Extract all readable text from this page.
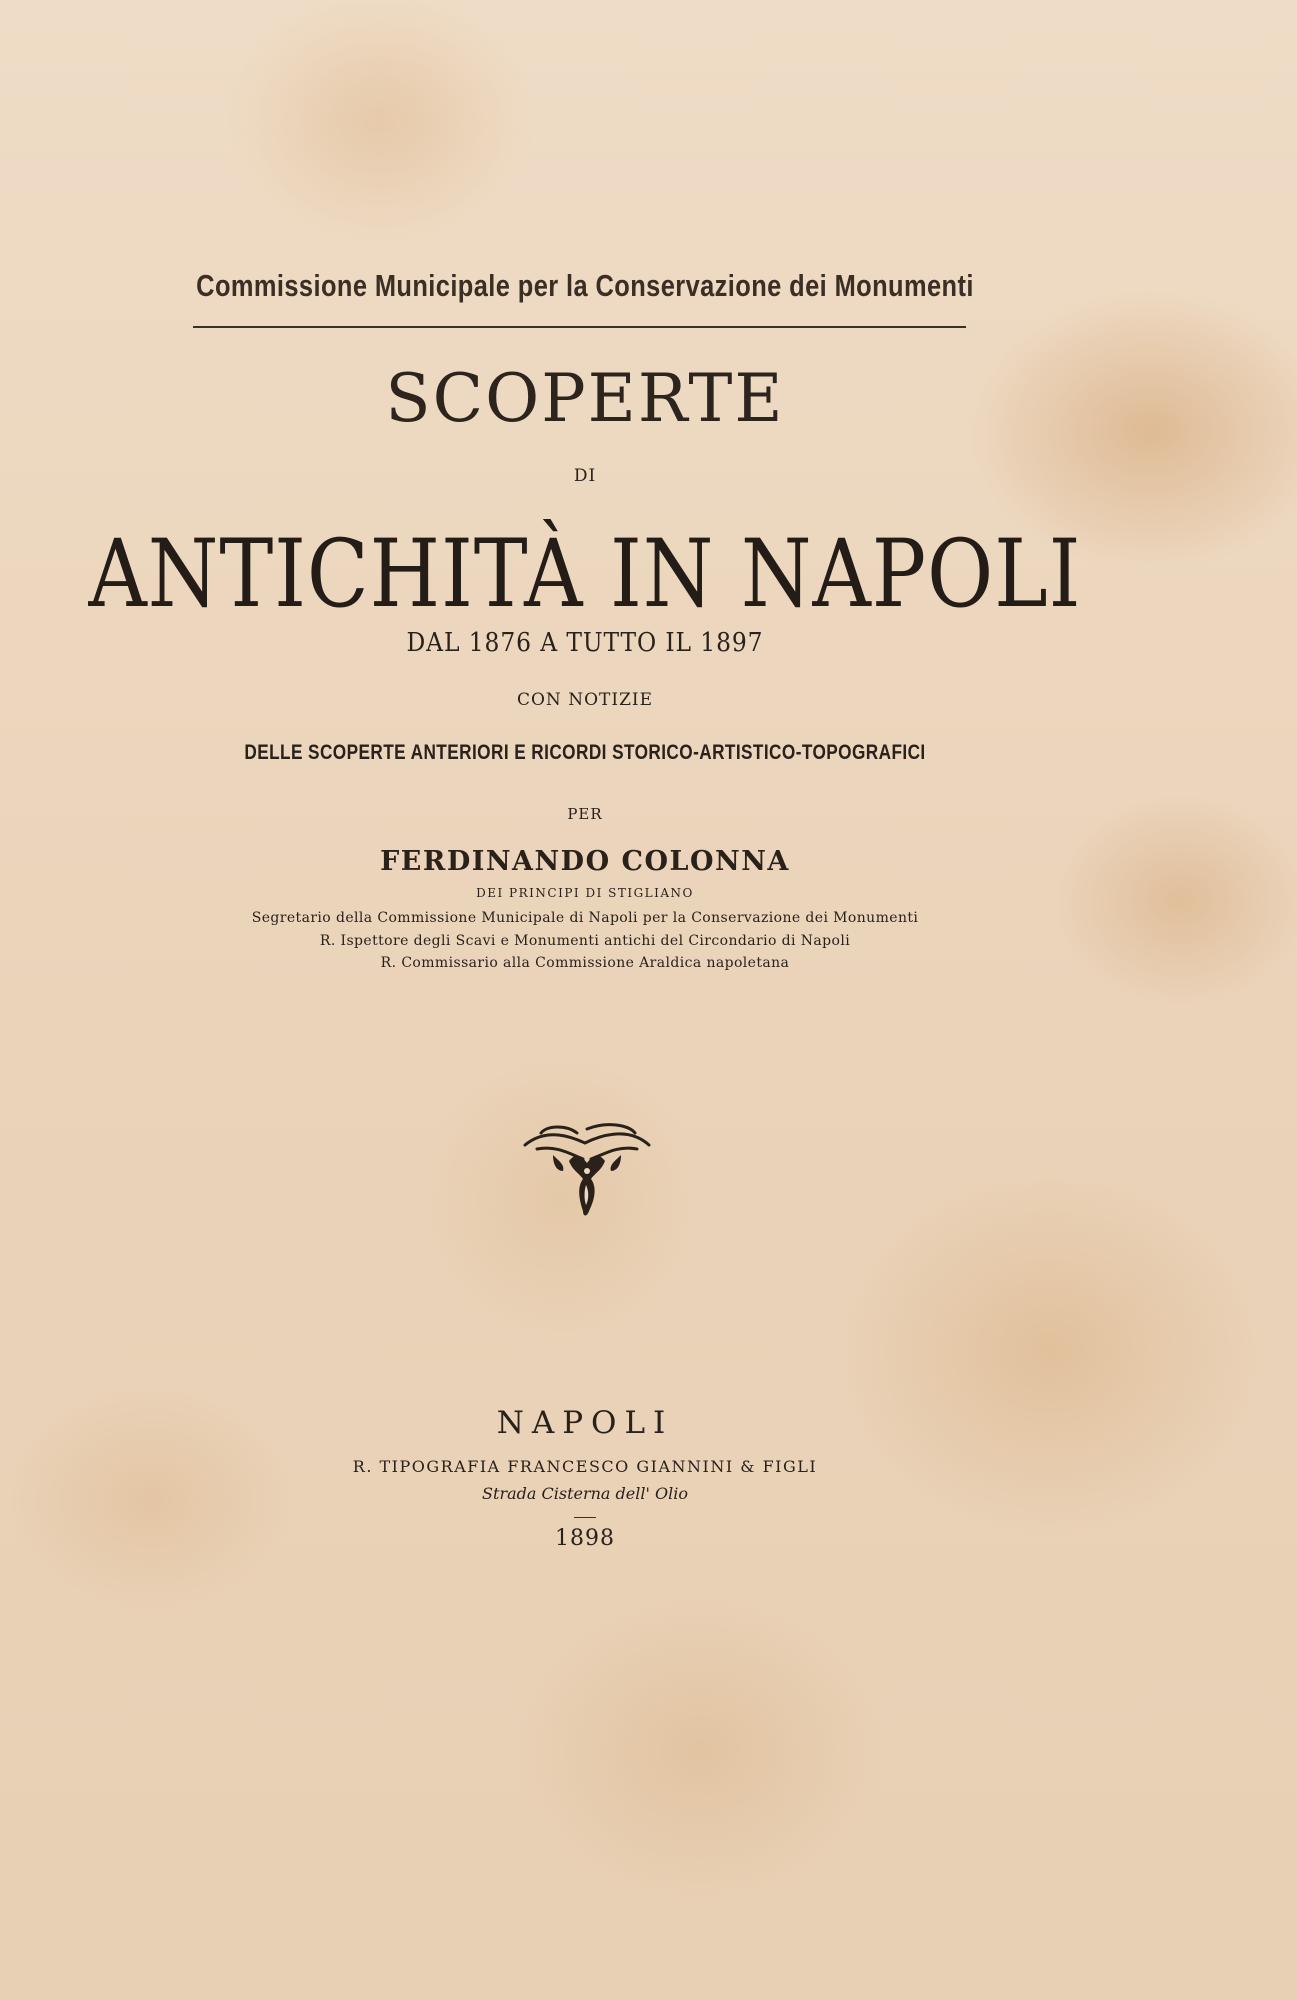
Commissione Municipale per la Conservazione dei Monumenti
SCOPERTE
DI
ANTICHITÀ IN NAPOLI
DAL 1876 A TUTTO IL 1897
CON NOTIZIE
DELLE SCOPERTE ANTERIORI E RICORDI STORICO-ARTISTICO-TOPOGRAFICI
PER
FERDINANDO COLONNA
DEI PRINCIPI DI STIGLIANO
Segretario della Commissione Municipale di Napoli per la Conservazione dei Monumenti
R. Ispettore degli Scavi e Monumenti antichi del Circondario di Napoli
R. Commissario alla Commissione Araldica napoletana
NAPOLI
R. TIPOGRAFIA FRANCESCO GIANNINI & FIGLI
Strada Cisterna dell' Olio
1898
